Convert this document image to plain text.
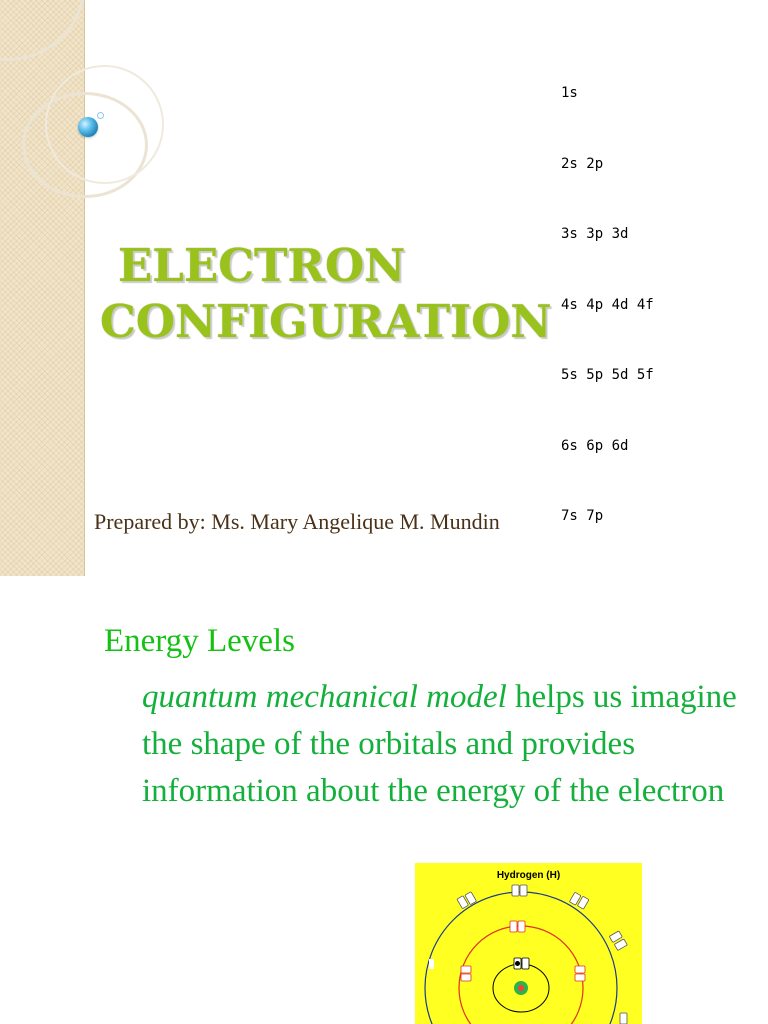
1s

2s 2p

3s 3p 3d

4s 4p 4d 4f

5s 5p 5d 5f

6s 6p 6d

7s 7p

ELECTRON
CONFIGURATION
Prepared by: Ms. Mary Angelique M. Mundin
Energy Levels
quantum mechanical model helps us imagine the shape of the orbitals and provides information about the energy of the electron
Hydrogen (H)
